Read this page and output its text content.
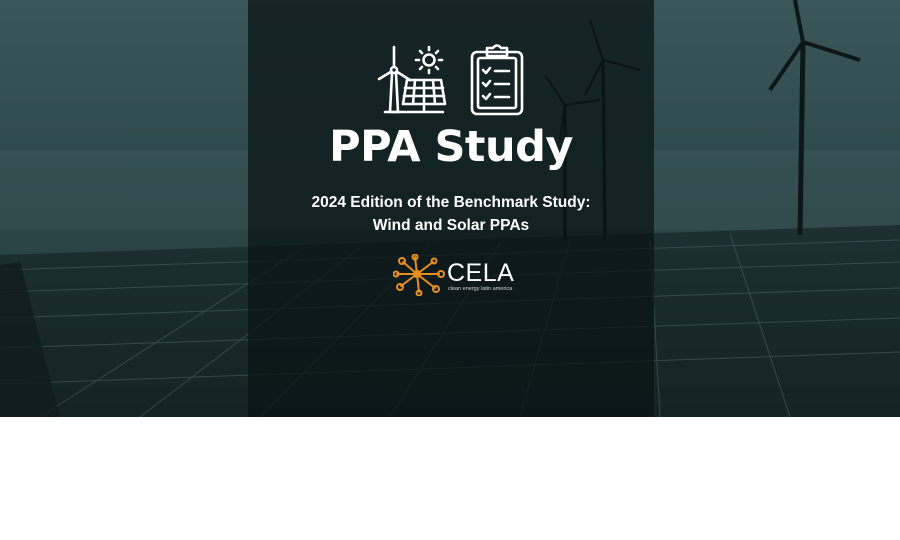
PPA Study
2024 Edition of the Benchmark Study:
Wind and Solar PPAs
CELA
clean energy latin america
